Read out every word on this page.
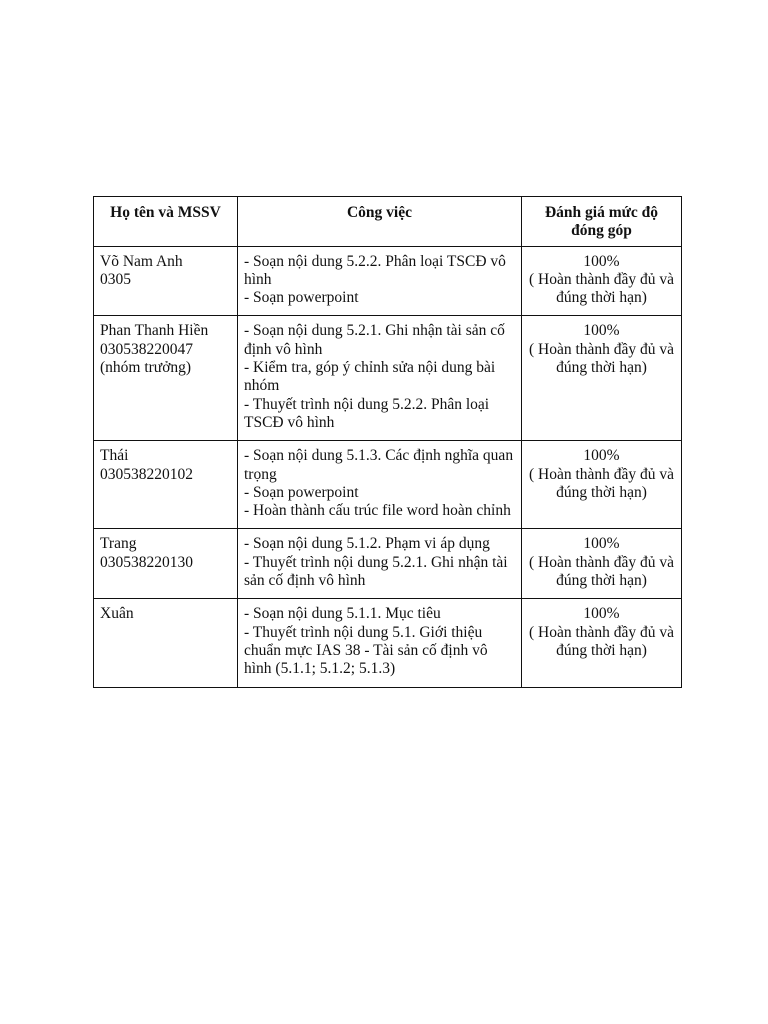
Họ tên và MSSV	Công việc	Đánh giá mức độ đóng góp

Võ Nam Anh
0305	- Soạn nội dung 5.2.2. Phân loại TSCĐ vô hình
- Soạn powerpoint	100%
( Hoàn thành đầy đủ và đúng thời hạn)

Phan Thanh Hiền
030538220047
(nhóm trưởng)	- Soạn nội dung 5.2.1. Ghi nhận tài sản cố định vô hình
- Kiểm tra, góp ý chỉnh sửa nội dung bài nhóm
- Thuyết trình nội dung 5.2.2. Phân loại TSCĐ vô hình	100%
( Hoàn thành đầy đủ và đúng thời hạn)

Thái
030538220102	- Soạn nội dung 5.1.3. Các định nghĩa quan trọng
- Soạn powerpoint
- Hoàn thành cấu trúc file word hoàn chỉnh	100%
( Hoàn thành đầy đủ và đúng thời hạn)

Trang
030538220130	- Soạn nội dung 5.1.2. Phạm vi áp dụng
- Thuyết trình nội dung 5.2.1. Ghi nhận tài sản cố định vô hình	100%
( Hoàn thành đầy đủ và đúng thời hạn)

Xuân	- Soạn nội dung 5.1.1. Mục tiêu
- Thuyết trình nội dung 5.1. Giới thiệu chuẩn mực IAS 38 - Tài sản cố định vô hình (5.1.1; 5.1.2; 5.1.3)	100%
( Hoàn thành đầy đủ và đúng thời hạn)
